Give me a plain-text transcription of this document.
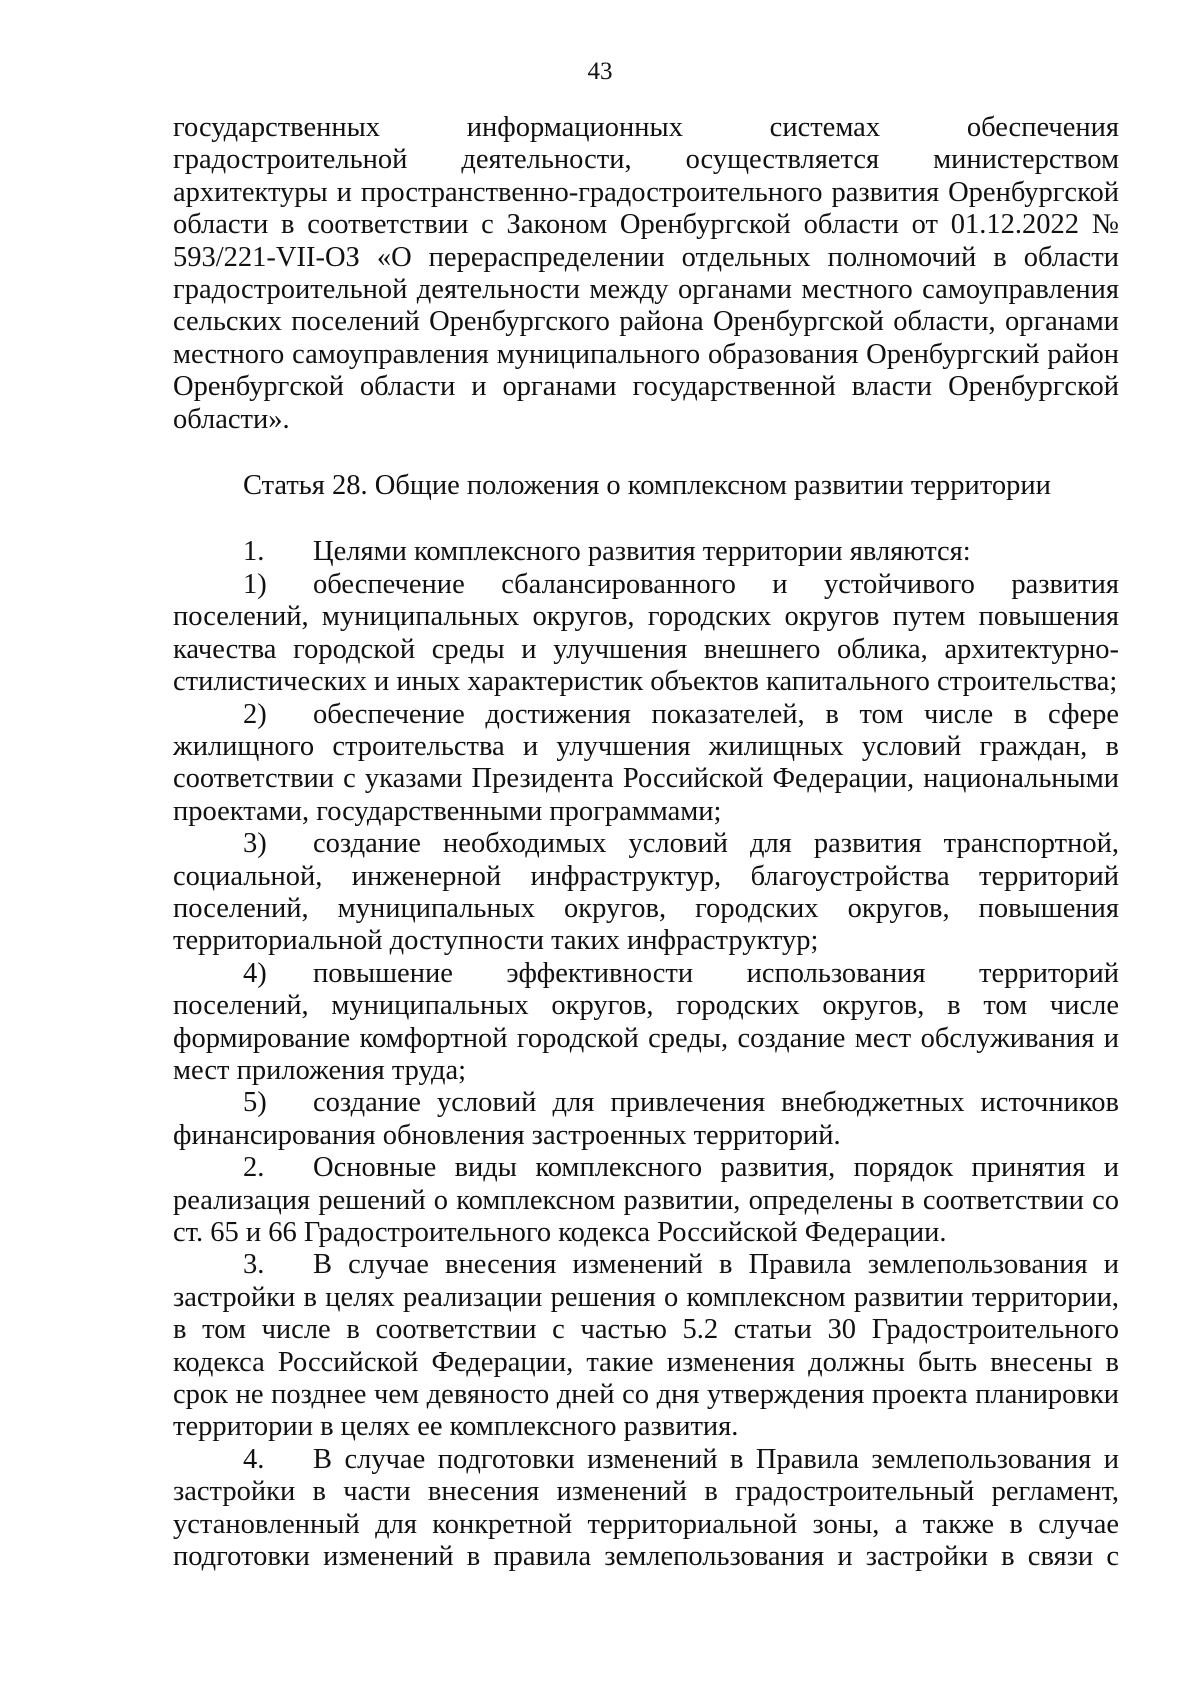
43

государственных информационных системах обеспечения градостроительной деятельности, осуществляется министерством архитектуры и пространственно-градостроительного развития Оренбургской области в соответствии с Законом Оренбургской области от 01.12.2022 № 593/221-VII-ОЗ «О перераспределении отдельных полномочий в области градостроительной деятельности между органами местного самоуправления сельских поселений Оренбургского района Оренбургской области, органами местного самоуправления муниципального образования Оренбургский район Оренбургской области и органами государственной власти Оренбургской области».

Статья 28. Общие положения о комплексном развитии территории

1. Целями комплексного развития территории являются:

1) обеспечение сбалансированного и устойчивого развития поселений, муниципальных округов, городских округов путем повышения качества городской среды и улучшения внешнего облика, архитектурно-стилистических и иных характеристик объектов капитального строительства;

2) обеспечение достижения показателей, в том числе в сфере жилищного строительства и улучшения жилищных условий граждан, в соответствии с указами Президента Российской Федерации, национальными проектами, государственными программами;

3) создание необходимых условий для развития транспортной, социальной, инженерной инфраструктур, благоустройства территорий поселений, муниципальных округов, городских округов, повышения территориальной доступности таких инфраструктур;

4) повышение эффективности использования территорий поселений, муниципальных округов, городских округов, в том числе формирование комфортной городской среды, создание мест обслуживания и мест приложения труда;

5) создание условий для привлечения внебюджетных источников финансирования обновления застроенных территорий.

2. Основные виды комплексного развития, порядок принятия и реализация решений о комплексном развитии, определены в соответствии со ст. 65 и 66 Градостроительного кодекса Российской Федерации.

3. В случае внесения изменений в Правила землепользования и застройки в целях реализации решения о комплексном развитии территории, в том числе в соответствии с частью 5.2 статьи 30 Градостроительного кодекса Российской Федерации, такие изменения должны быть внесены в срок не позднее чем девяносто дней со дня утверждения проекта планировки территории в целях ее комплексного развития.

4. В случае подготовки изменений в Правила землепользования и застройки в части внесения изменений в градостроительный регламент, установленный для конкретной территориальной зоны, а также в случае подготовки изменений в правила землепользования и застройки в связи с
